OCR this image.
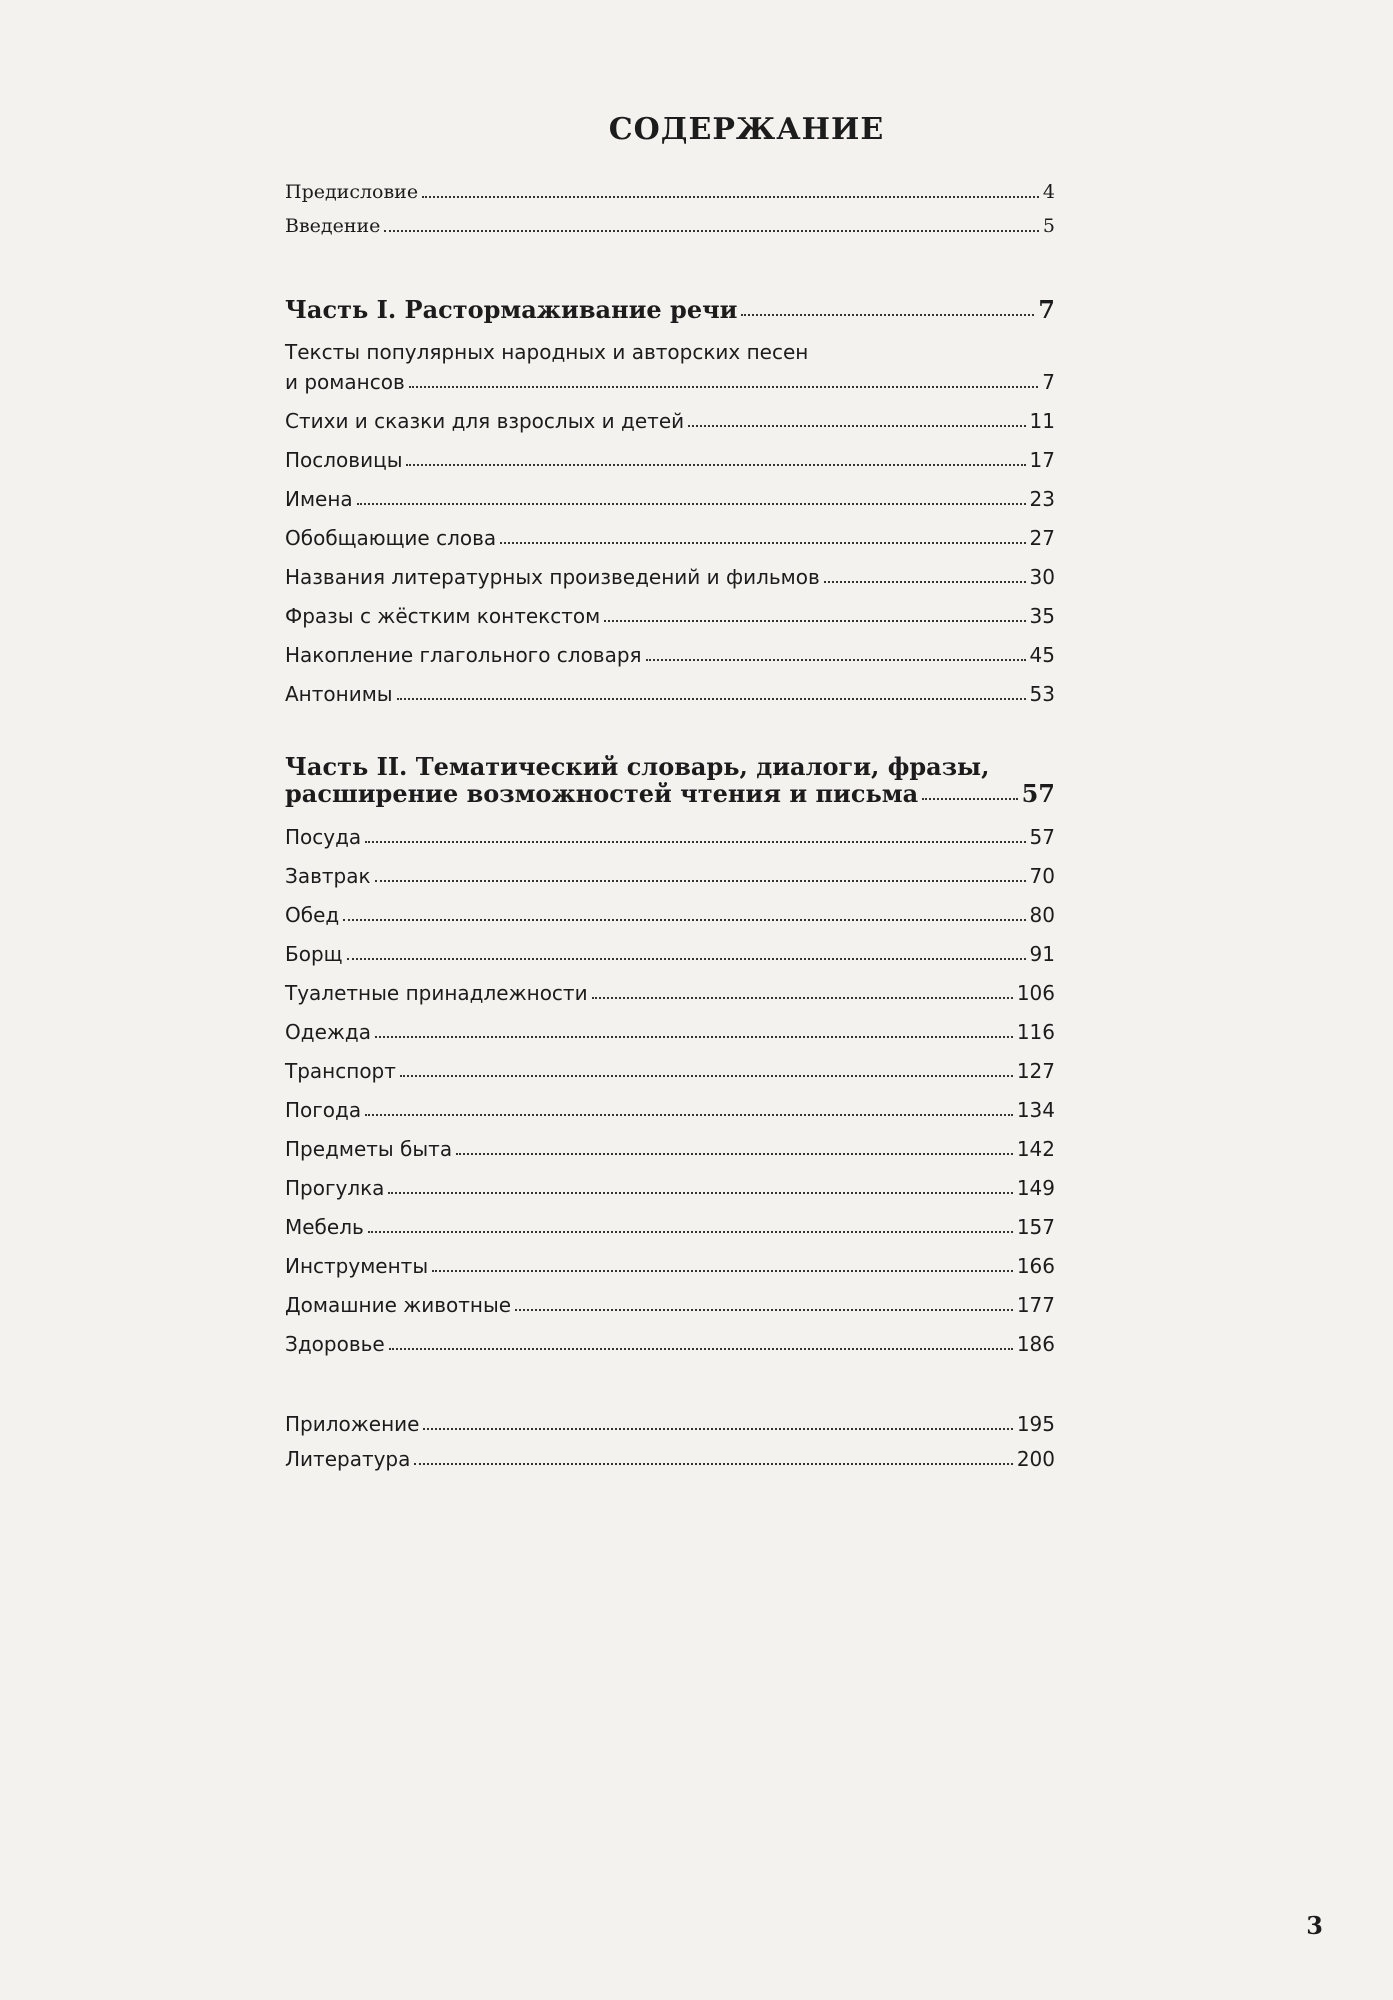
СОДЕРЖАНИЕ
Предисловие	4
Введение	5
Часть I. Растормаживание речи	7
Тексты популярных народных и авторских песен
и романсов	7
Стихи и сказки для взрослых и детей	11
Пословицы	17
Имена	23
Обобщающие слова	27
Названия литературных произведений и фильмов	30
Фразы с жёстким контекстом	35
Накопление глагольного словаря	45
Антонимы	53
Часть II. Тематический словарь, диалоги, фразы,
расширение возможностей чтения и письма	57
Посуда	57
Завтрак	70
Обед	80
Борщ	91
Туалетные принадлежности	106
Одежда	116
Транспорт	127
Погода	134
Предметы быта	142
Прогулка	149
Мебель	157
Инструменты	166
Домашние животные	177
Здоровье	186
Приложение	195
Литература	200
3
